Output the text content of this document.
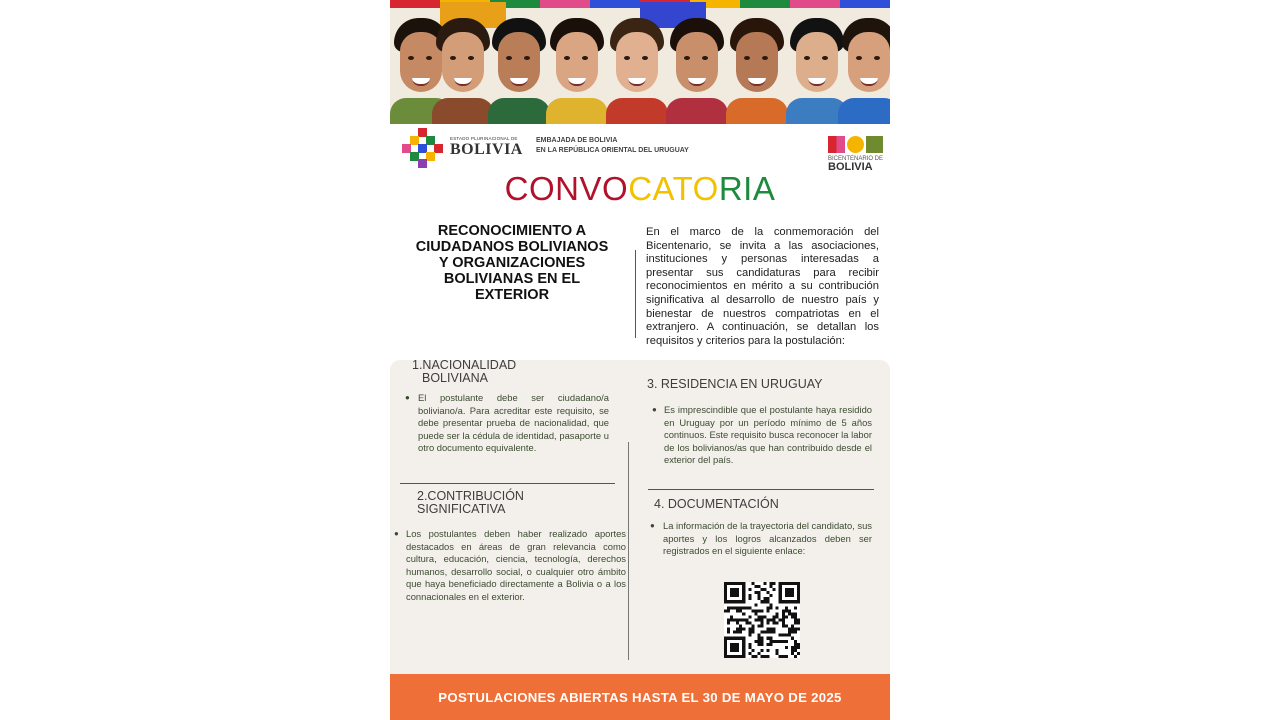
ESTADO PLURINACIONAL DE
BOLIVIA
EMBAJADA DE BOLIVIA
EN LA REPÚBLICA ORIENTAL DEL URUGUAY
BICENTENARIO DE
BOLIVIA
CONVOCATORIA
RECONOCIMIENTO A
CIUDADANOS BOLIVIANOS
Y ORGANIZACIONES
BOLIVIANAS EN EL
EXTERIOR
En el marco de la conmemoración del Bicentenario, se invita a las asociaciones, instituciones y personas interesadas a presentar sus candidaturas para recibir reconocimientos en mérito a su contribución significativa al desarrollo de nuestro país y bienestar de nuestros compatriotas en el extranjero. A continuación, se detallan los requisitos y criterios para la postulación:
1.NACIONALIDAD
BOLIVIANA
● El postulante debe ser ciudadano/a boliviano/a. Para acreditar este requisito, se debe presentar prueba de nacionalidad, que puede ser la cédula de identidad, pasaporte u otro documento equivalente.
2.CONTRIBUCIÓN
SIGNIFICATIVA
● Los postulantes deben haber realizado aportes destacados en áreas de gran relevancia como cultura, educación, ciencia, tecnología, derechos humanos, desarrollo social, o cualquier otro ámbito que haya beneficiado directamente a Bolivia o a los connacionales en el exterior.
3. RESIDENCIA EN URUGUAY
● Es imprescindible que el postulante haya residido en Uruguay por un período mínimo de 5 años continuos. Este requisito busca reconocer la labor de los bolivianos/as que han contribuido desde el exterior del país.
4. DOCUMENTACIÓN
● La información de la trayectoria del candidato, sus aportes y los logros alcanzados deben ser registrados en el siguiente enlace:
POSTULACIONES ABIERTAS HASTA EL 30 DE MAYO DE 2025
